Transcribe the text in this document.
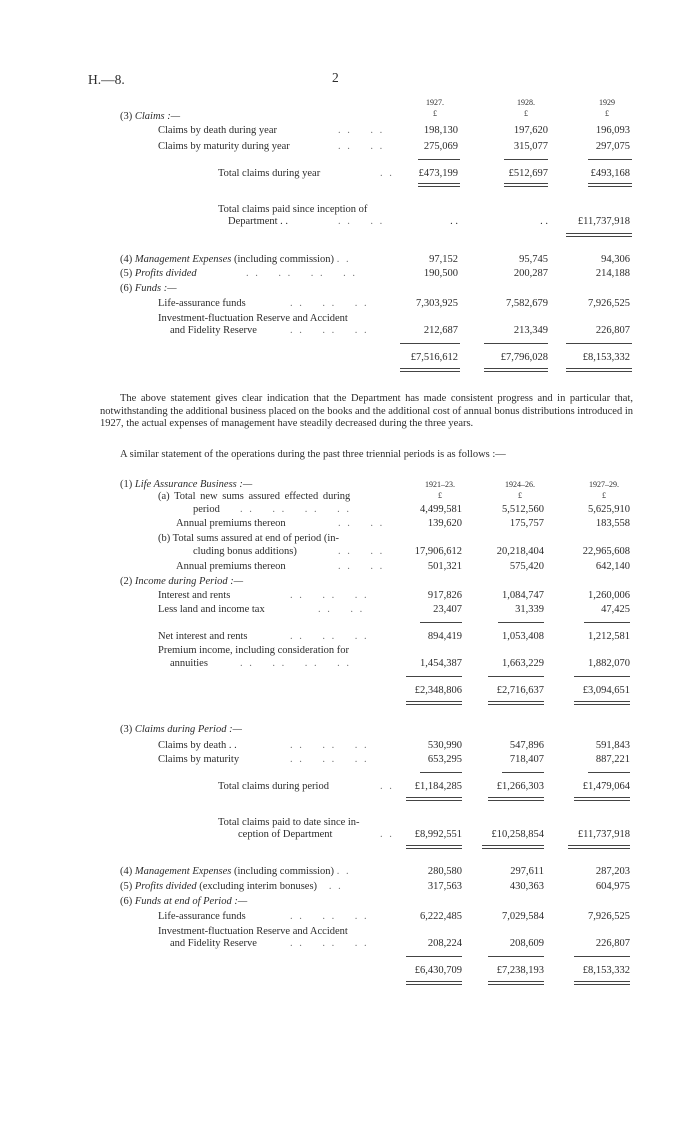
H.—8.	2
1927.	1928.	1929
£	£	£
(3) Claims :—
Claims by death during year	. .    . .	198,130	197,620	196,093
Claims by maturity during year	. .    . .	275,069	315,077	297,075
Total claims during year	. .	£473,199	£512,697	£493,168
Total claims paid since inception of
Department . .	. .    . .	. .	. .	£11,737,918
(4) Management Expenses (including commission) . .	97,152	95,745	94,306
(5) Profits divided	. .    . .    . .    . .	190,500	200,287	214,188
(6) Funds :—
Life-assurance funds	. .    . .    . .	7,303,925	7,582,679	7,926,525
Investment-fluctuation Reserve and Accident
and Fidelity Reserve	. .    . .    . .	212,687	213,349	226,807
£7,516,612	£7,796,028	£8,153,332
The above statement gives clear indication that the Department has made consistent progress and in particular that, notwithstanding the additional business placed on the books and the additional cost of annual bonus distributions introduced in 1927, the actual expenses of management have steadily decreased during the three years.
A similar statement of the operations during the past three triennial periods is as follows :—
1921–23.	1924–26.	1927–29.
£	£	£
(1) Life Assurance Business :—
(a) Total new sums assured effected during
period . .    . .    . .    . .	4,499,581	5,512,560	5,625,910
Annual premiums thereon	. .    . .	139,620	175,757	183,558
(b) Total sums assured at end of period (in-
cluding bonus additions)	. .    . .	17,906,612	20,218,404	22,965,608
Annual premiums thereon	. .    . .	501,321	575,420	642,140
(2) Income during Period :—
Interest and rents	. .    . .    . .	917,826	1,084,747	1,260,006
Less land and income tax	. .    . .	23,407	31,339	47,425
Net interest and rents	. .    . .    . .	894,419	1,053,408	1,212,581
Premium income, including consideration for
annuities	. .    . .    . .    . .	1,454,387	1,663,229	1,882,070
£2,348,806	£2,716,637	£3,094,651
(3) Claims during Period :—
Claims by death . .	. .    . .    . .	530,990	547,896	591,843
Claims by maturity	. .    . .    . .	653,295	718,407	887,221
Total claims during period	. .	£1,184,285	£1,266,303	£1,479,064
Total claims paid to date since in-
ception of Department	. .	£8,992,551	£10,258,854	£11,737,918
(4) Management Expenses (including commission) . .	280,580	297,611	287,203
(5) Profits divided (excluding interim bonuses)   . .	317,563	430,363	604,975
(6) Funds at end of Period :—
Life-assurance funds	. .    . .    . .	6,222,485	7,029,584	7,926,525
Investment-fluctuation Reserve and Accident
and Fidelity Reserve	. .    . .    . .	208,224	208,609	226,807
£6,430,709	£7,238,193	£8,153,332
